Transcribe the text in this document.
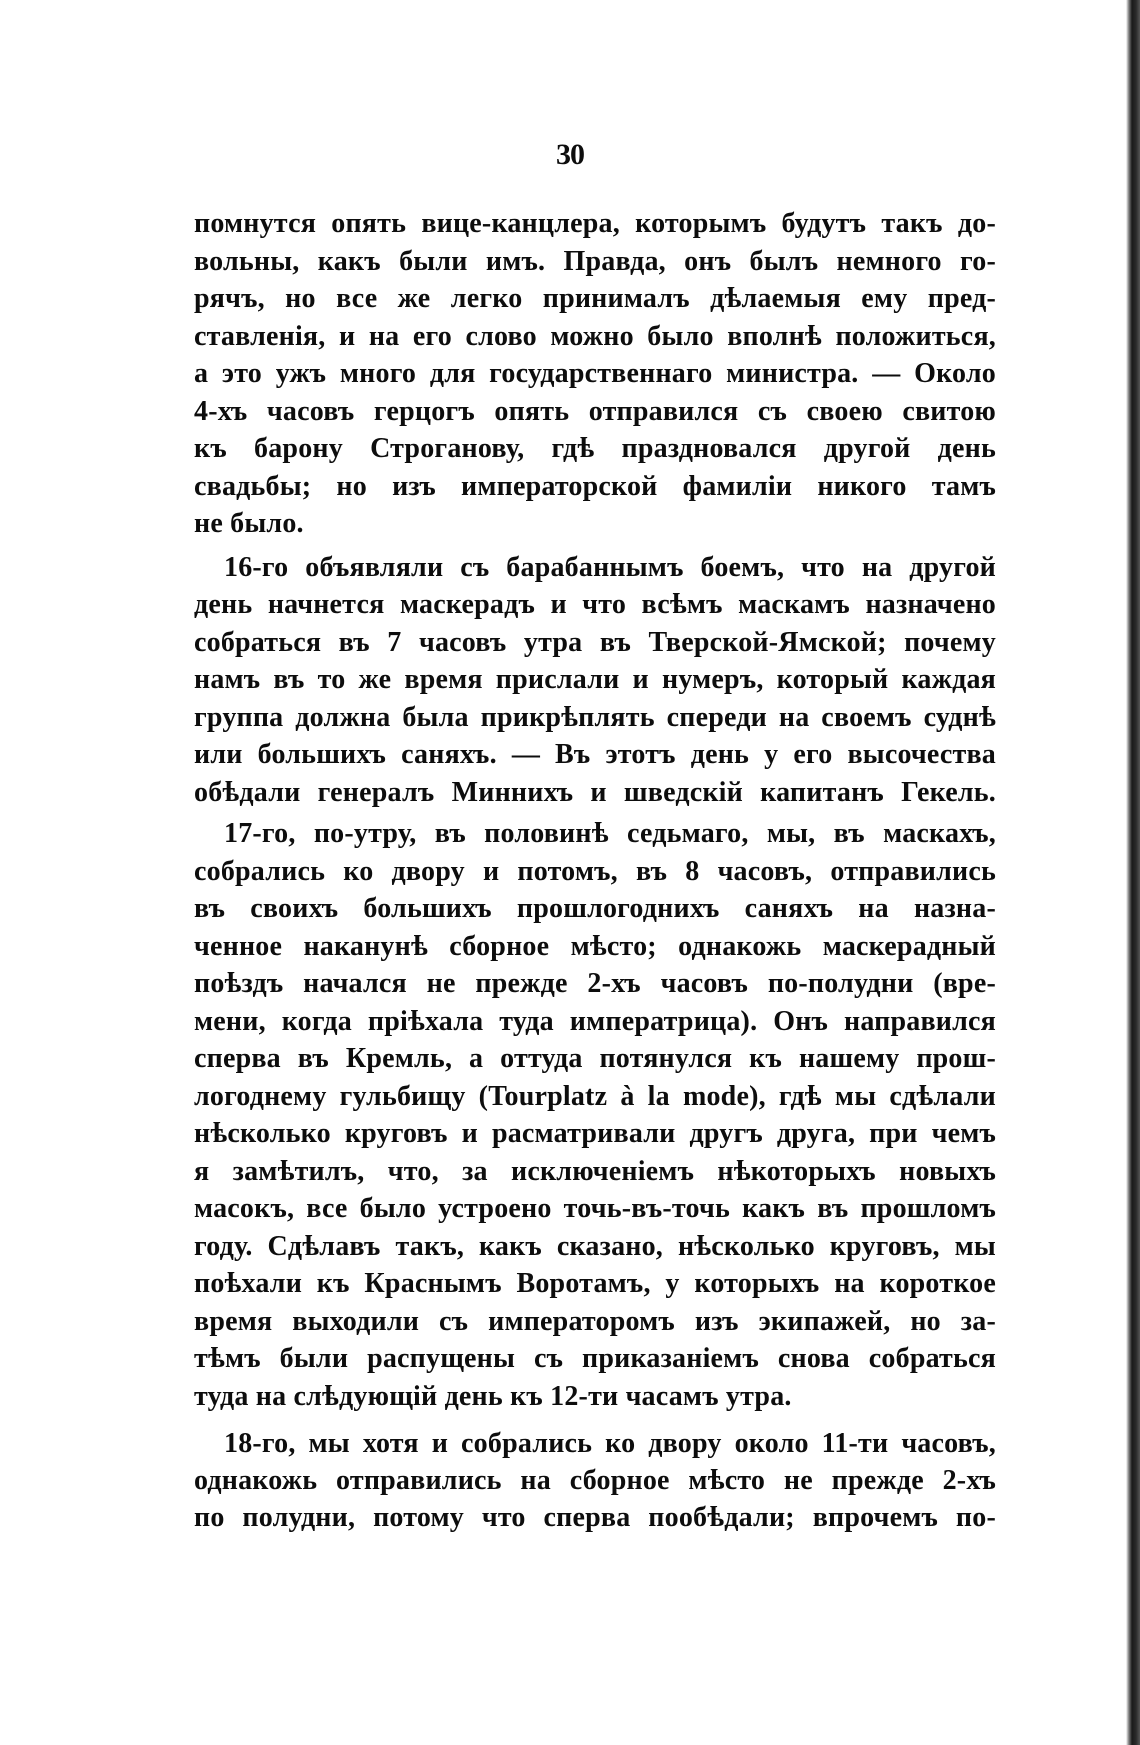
30

помнутся опять вице-канцлера, которымъ будутъ такъ до-
вольны, какъ были имъ. Правда, онъ былъ немного го-
рячъ, но все же легко принималъ дѣлаемыя ему пред-
ставленія, и на его слово можно было вполнѣ положиться,
а это ужъ много для государственнаго министра. — Около
4-хъ часовъ герцогъ опять отправился съ своею свитою
къ барону Строганову, гдѣ праздновался другой день
свадьбы; но изъ императорской фамиліи никого тамъ
не было.

16-го объявляли съ барабаннымъ боемъ, что на другой
день начнется маскерадъ и что всѣмъ маскамъ назначено
собраться въ 7 часовъ утра въ Тверской-Ямской; почему
намъ въ то же время прислали и нумеръ, который каждая
группа должна была прикрѣплять спереди на своемъ суднѣ
или большихъ саняхъ. — Въ этотъ день у его высочества
обѣдали генералъ Миннихъ и шведскій капитанъ Гекель.

17-го, по-утру, въ половинѣ седьмаго, мы, въ маскахъ,
собрались ко двору и потомъ, въ 8 часовъ, отправились
въ своихъ большихъ прошлогоднихъ саняхъ на назна-
ченное наканунѣ сборное мѣсто; однакожь маскерадный
поѣздъ начался не прежде 2-хъ часовъ по-полудни (вре-
мени, когда пріѣхала туда императрица). Онъ направился
сперва въ Кремль, а оттуда потянулся къ нашему прош-
логоднему гульбищу (Tourplatz à la mode), гдѣ мы сдѣлали
нѣсколько круговъ и расматривали другъ друга, при чемъ
я замѣтилъ, что, за исключеніемъ нѣкоторыхъ новыхъ
масокъ, все было устроено точь-въ-точь какъ въ прошломъ
году. Сдѣлавъ такъ, какъ сказано, нѣсколько круговъ, мы
поѣхали къ Краснымъ Воротамъ, у которыхъ на короткое
время выходили съ императоромъ изъ экипажей, но за-
тѣмъ были распущены съ приказаніемъ снова собраться
туда на слѣдующій день къ 12-ти часамъ утра.

18-го, мы хотя и собрались ко двору около 11-ти часовъ,
однакожь отправились на сборное мѣсто не прежде 2-хъ
по полудни, потому что сперва пообѣдали; впрочемъ по-
